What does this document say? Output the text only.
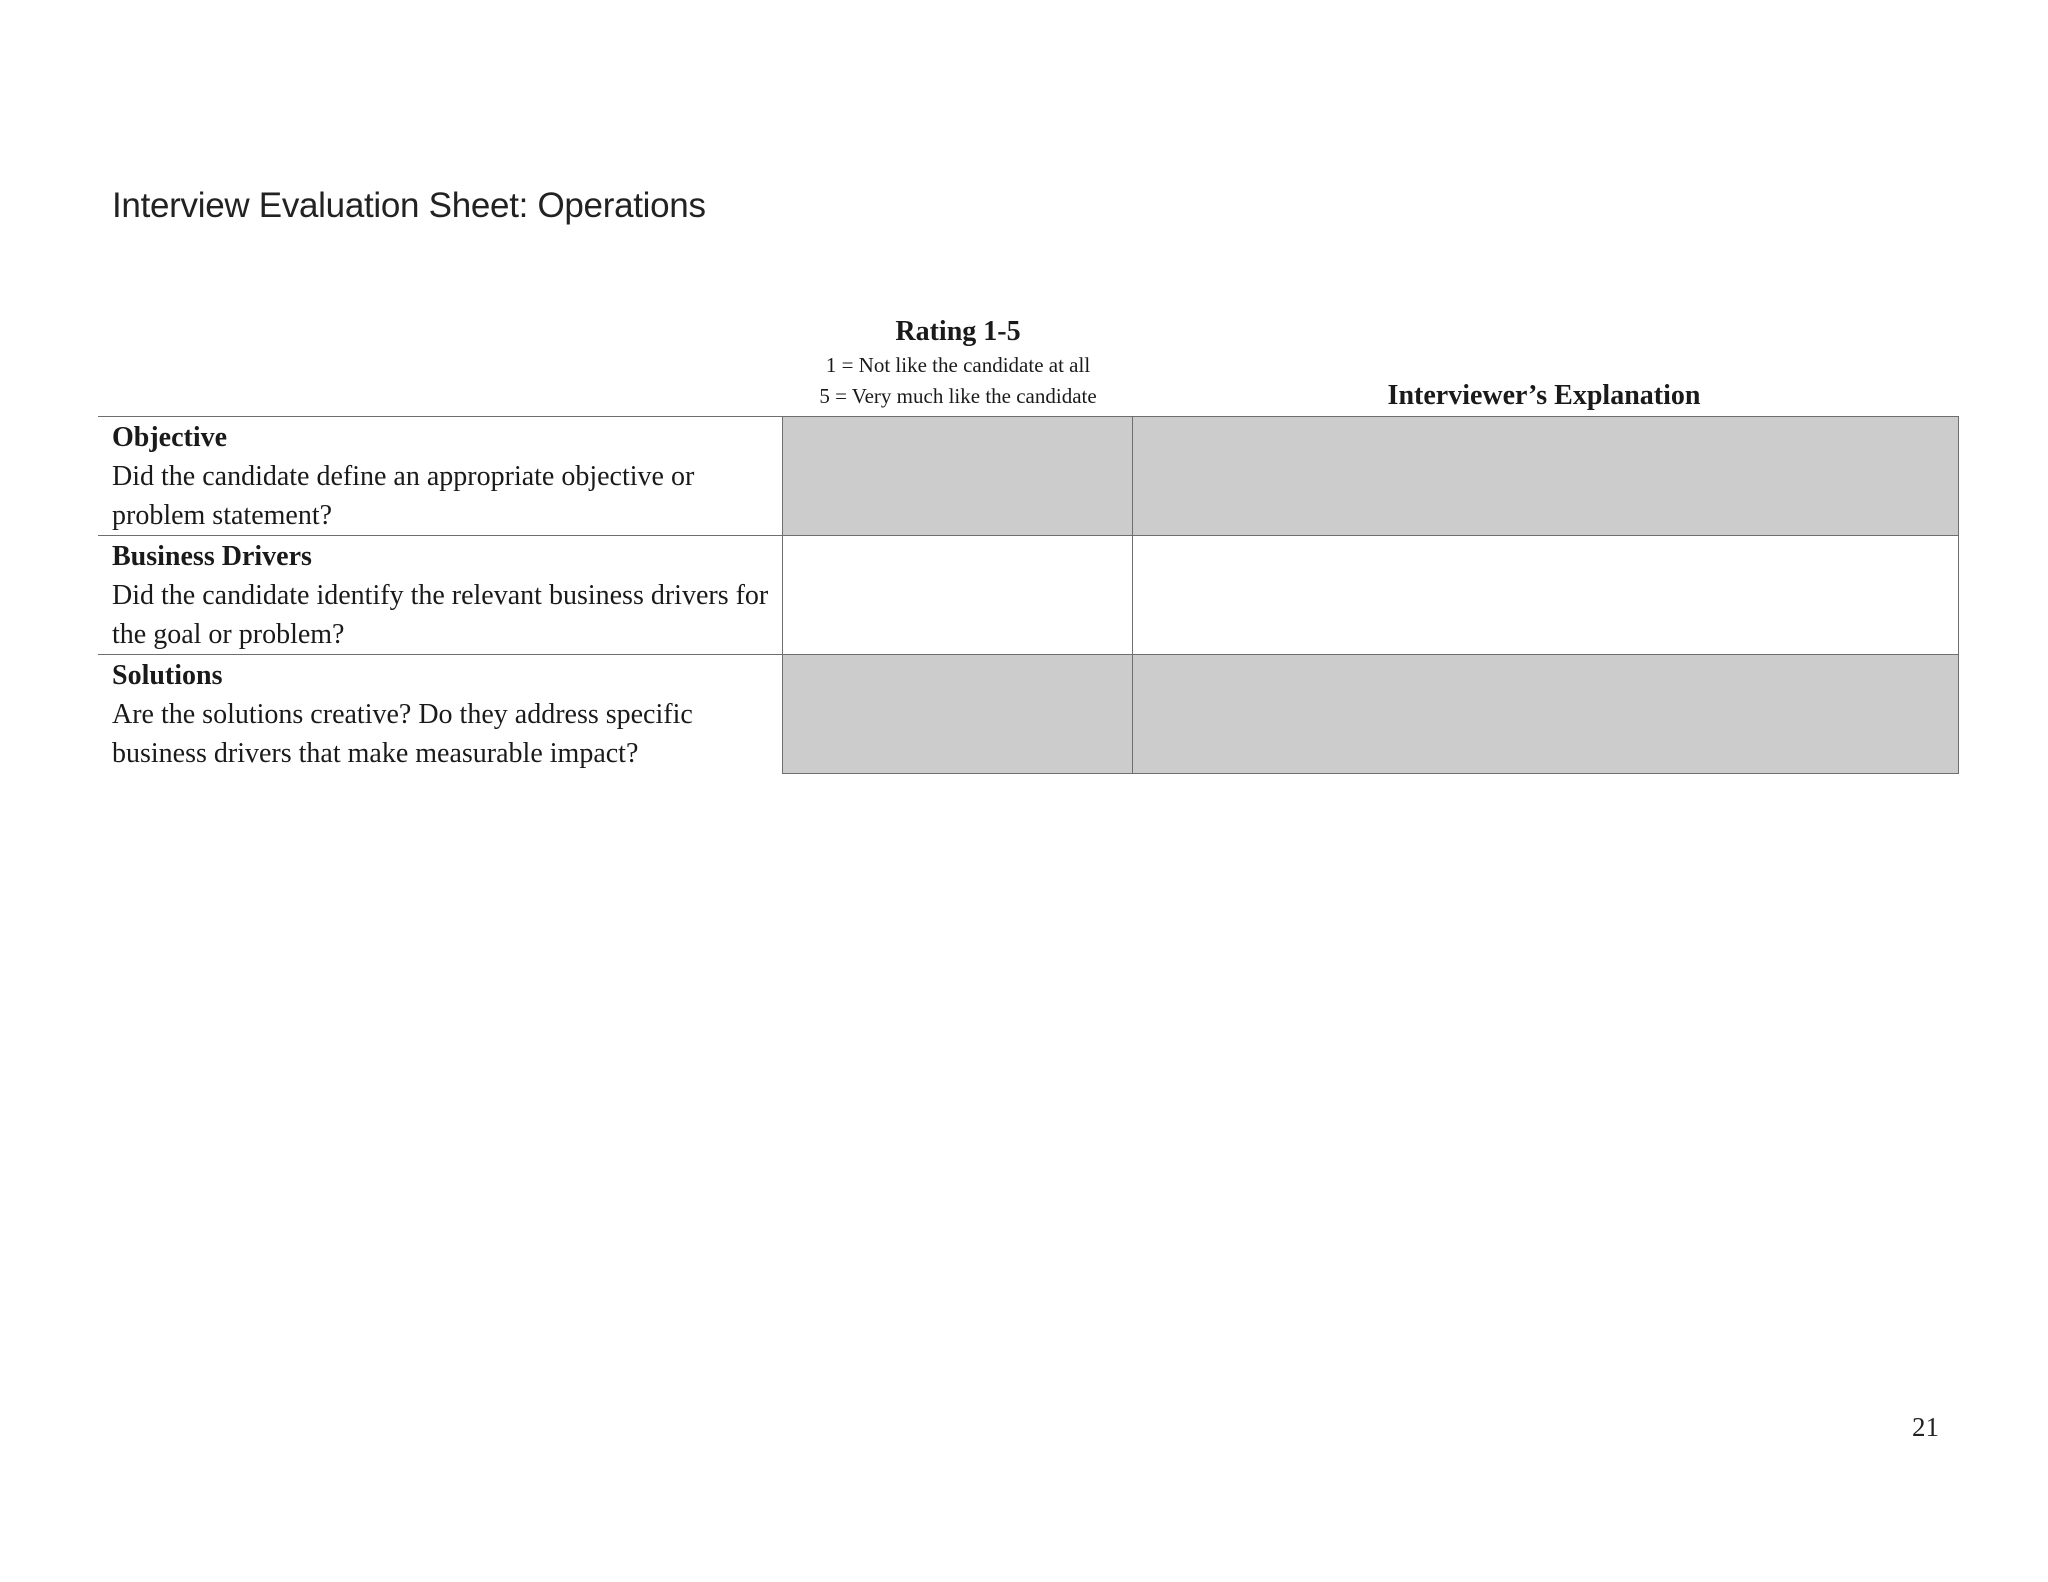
Interview Evaluation Sheet: Operations
Rating 1-5
1 = Not like the candidate at all
5 = Very much like the candidate	Interviewer’s Explanation
Objective
Did the candidate define an appropriate objective or problem statement?		

Business Drivers
Did the candidate identify the relevant business drivers for the goal or problem?		

Solutions
Are the solutions creative? Do they address specific business drivers that make measurable impact?		

21
